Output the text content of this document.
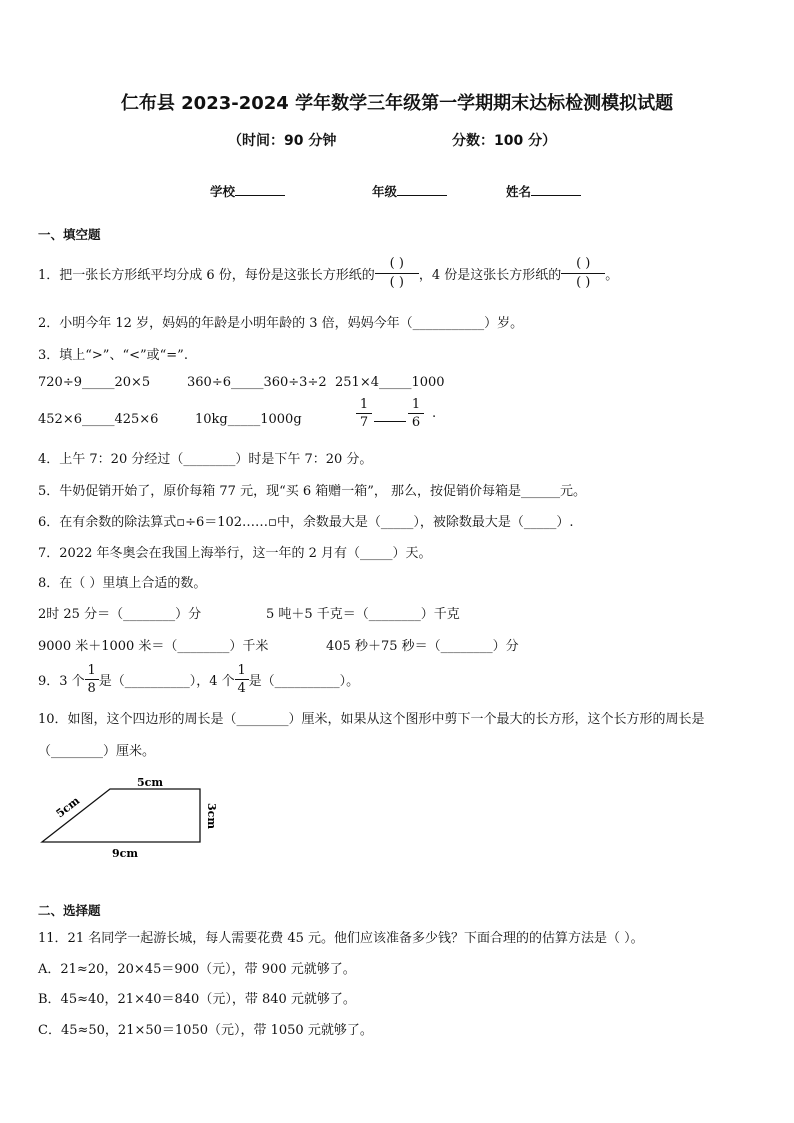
仁布县 2023-2024 学年数学三年级第一学期期末达标检测模拟试题
（时间：90 分钟	分数：100 分）
学校	年级	姓名
一、填空题
1．把一张长方形纸平均分成 6 份，每份是这张长方形纸的 $\frac{( )}{( )}$ ，4 份是这张长方形纸的 $\frac{( )}{( )}$ 。
2．小明今年 12 岁，妈妈的年龄是小明年龄的 3 倍，妈妈今年（___________）岁。
3．填上“>”、“<”或“=”.
720÷9_____20×5	360÷6_____360÷3÷2 251×4_____1000
452×6_____425×6	10kg_____1000g	$\frac{1}{7}$	$\frac{1}{6}$ .
4．上午 7：20 分经过（________）时是下午 7：20 分。
5．牛奶促销开始了，原价每箱 77 元，现“买 6 箱赠一箱”， 那么，按促销价每箱是______元。
6．在有余数的除法算式▫÷6＝102……▫中，余数最大是（_____），被除数最大是（_____）.
7．2022 年冬奥会在我国上海举行，这一年的 2 月有（_____）天。
8．在（ ）里填上合适的数。
2时 25 分＝（________）分	5 吨＋5 千克＝（________）千克
9000 米＋1000 米＝（________）千米	405 秒＋75 秒＝（________）分
9．3 个 $\frac{1}{8}$ 是（__________），4 个 $\frac{1}{4}$ 是（__________）。
10．如图，这个四边形的周长是（________）厘米，如果从这个图形中剪下一个最大的长方形，这个长方形的周长是
（________）厘米。
5cm
5cm	3cm
9cm
二、选择题
11．21 名同学一起游长城，每人需要花费 45 元。他们应该准备多少钱？下面合理的的估算方法是（ ）。
A．21≈20，20×45＝900（元），带 900 元就够了。
B．45≈40，21×40＝840（元），带 840 元就够了。
C．45≈50，21×50＝1050（元），带 1050 元就够了。
